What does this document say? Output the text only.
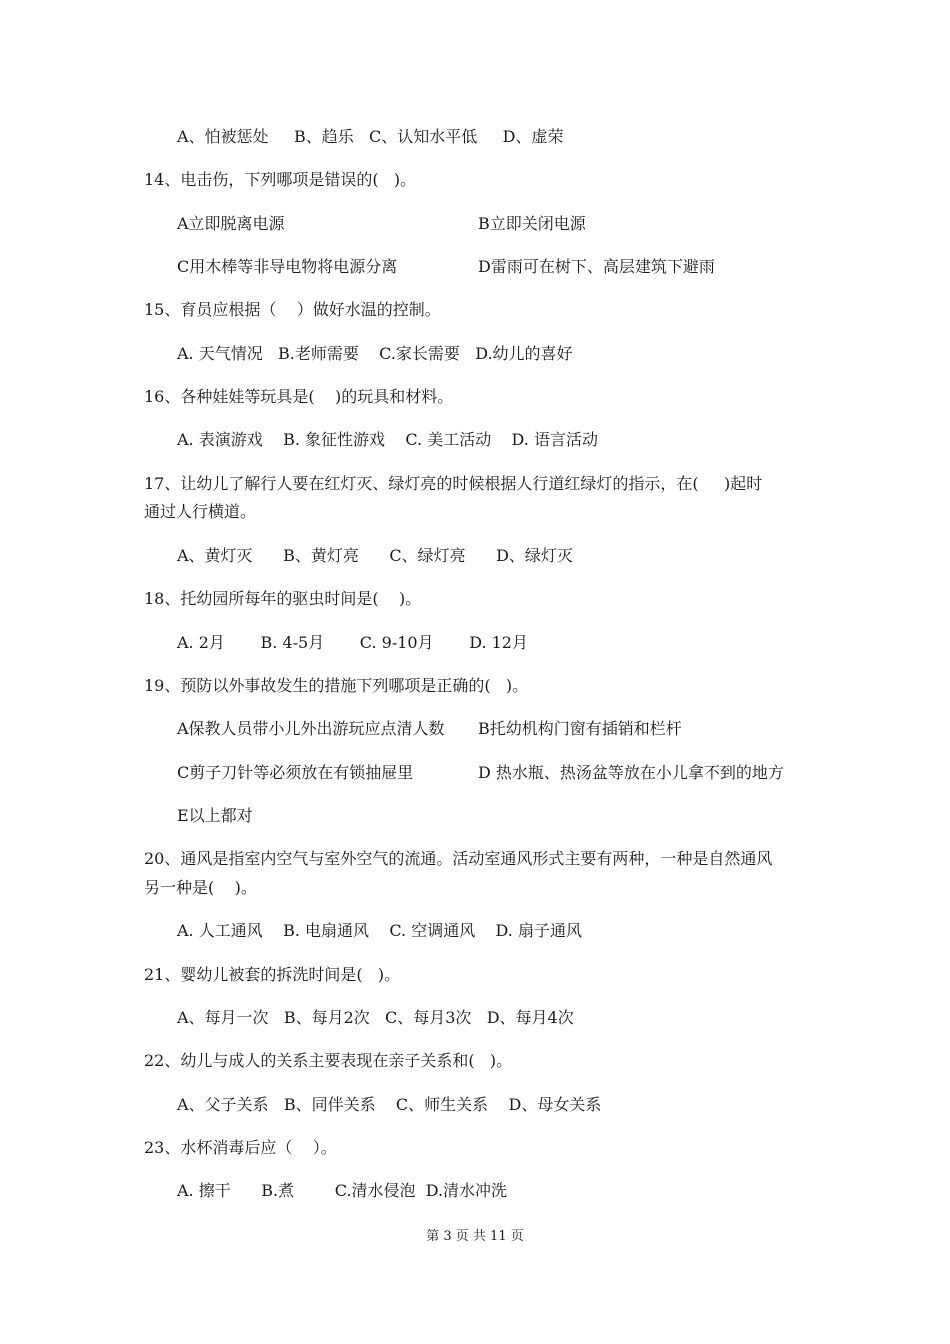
A、怕被惩处     B、趋乐   C、认知水平低     D、虚荣
14、电击伤，下列哪项是错误的(   )。
A立即脱离电源	B立即关闭电源
C用木棒等非导电物将电源分离	D雷雨可在树下、高层建筑下避雨
15、育员应根据（    ）做好水温的控制。
A. 天气情况   B.老师需要    C.家长需要   D.幼儿的喜好
16、各种娃娃等玩具是(    )的玩具和材料。
A. 表演游戏    B. 象征性游戏    C. 美工活动    D. 语言活动
17、让幼儿了解行人要在红灯灭、绿灯亮的时候根据人行道红绿灯的指示，在(     )起时
通过人行横道。
A、黄灯灭      B、黄灯亮      C、绿灯亮      D、绿灯灭
18、托幼园所每年的驱虫时间是(    )。
A. 2月       B. 4-5月       C. 9-10月       D. 12月
19、预防以外事故发生的措施下列哪项是正确的(   )。
A保教人员带小儿外出游玩应点清人数 B托幼机构门窗有插销和栏杆
C剪子刀针等必须放在有锁抽屉里	D 热水瓶、热汤盆等放在小儿拿不到的地方
E以上都对
20、通风是指室内空气与室外空气的流通。活动室通风形式主要有两种，一种是自然通风
另一种是(    )。
A. 人工通风    B. 电扇通风    C. 空调通风    D. 扇子通风
21、婴幼儿被套的拆洗时间是(   )。
A、每月一次   B、每月2次   C、每月3次   D、每月4次
22、幼儿与成人的关系主要表现在亲子关系和(   )。
A、父子关系   B、同伴关系    C、师生关系    D、母女关系
23、水杯消毒后应（    ）。
A. 擦干      B.煮        C.清水侵泡  D.清水冲洗
第 3 页 共 11 页
